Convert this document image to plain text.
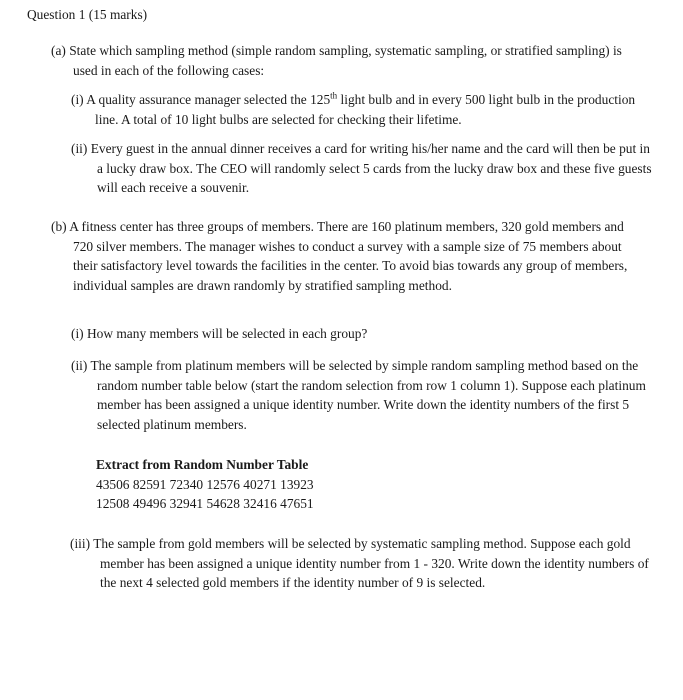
Question 1 (15 marks)

(a) State which sampling method (simple random sampling, systematic sampling, or stratified sampling) is used in each of the following cases:

(i) A quality assurance manager selected the 125th light bulb and in every 500 light bulb in the production line. A total of 10 light bulbs are selected for checking their lifetime.

(ii) Every guest in the annual dinner receives a card for writing his/her name and the card will then be put in a lucky draw box. The CEO will randomly select 5 cards from the lucky draw box and these five guests will each receive a souvenir.

(b) A fitness center has three groups of members. There are 160 platinum members, 320 gold members and 720 silver members. The manager wishes to conduct a survey with a sample size of 75 members about their satisfactory level towards the facilities in the center. To avoid bias towards any group of members, individual samples are drawn randomly by stratified sampling method.

(i) How many members will be selected in each group?

(ii) The sample from platinum members will be selected by simple random sampling method based on the random number table below (start the random selection from row 1 column 1). Suppose each platinum member has been assigned a unique identity number. Write down the identity numbers of the first 5 selected platinum members.

Extract from Random Number Table
43506 82591 72340 12576 40271 13923
12508 49496 32941 54628 32416 47651

(iii) The sample from gold members will be selected by systematic sampling method. Suppose each gold member has been assigned a unique identity number from 1 - 320. Write down the identity numbers of the next 4 selected gold members if the identity number of 9 is selected.
